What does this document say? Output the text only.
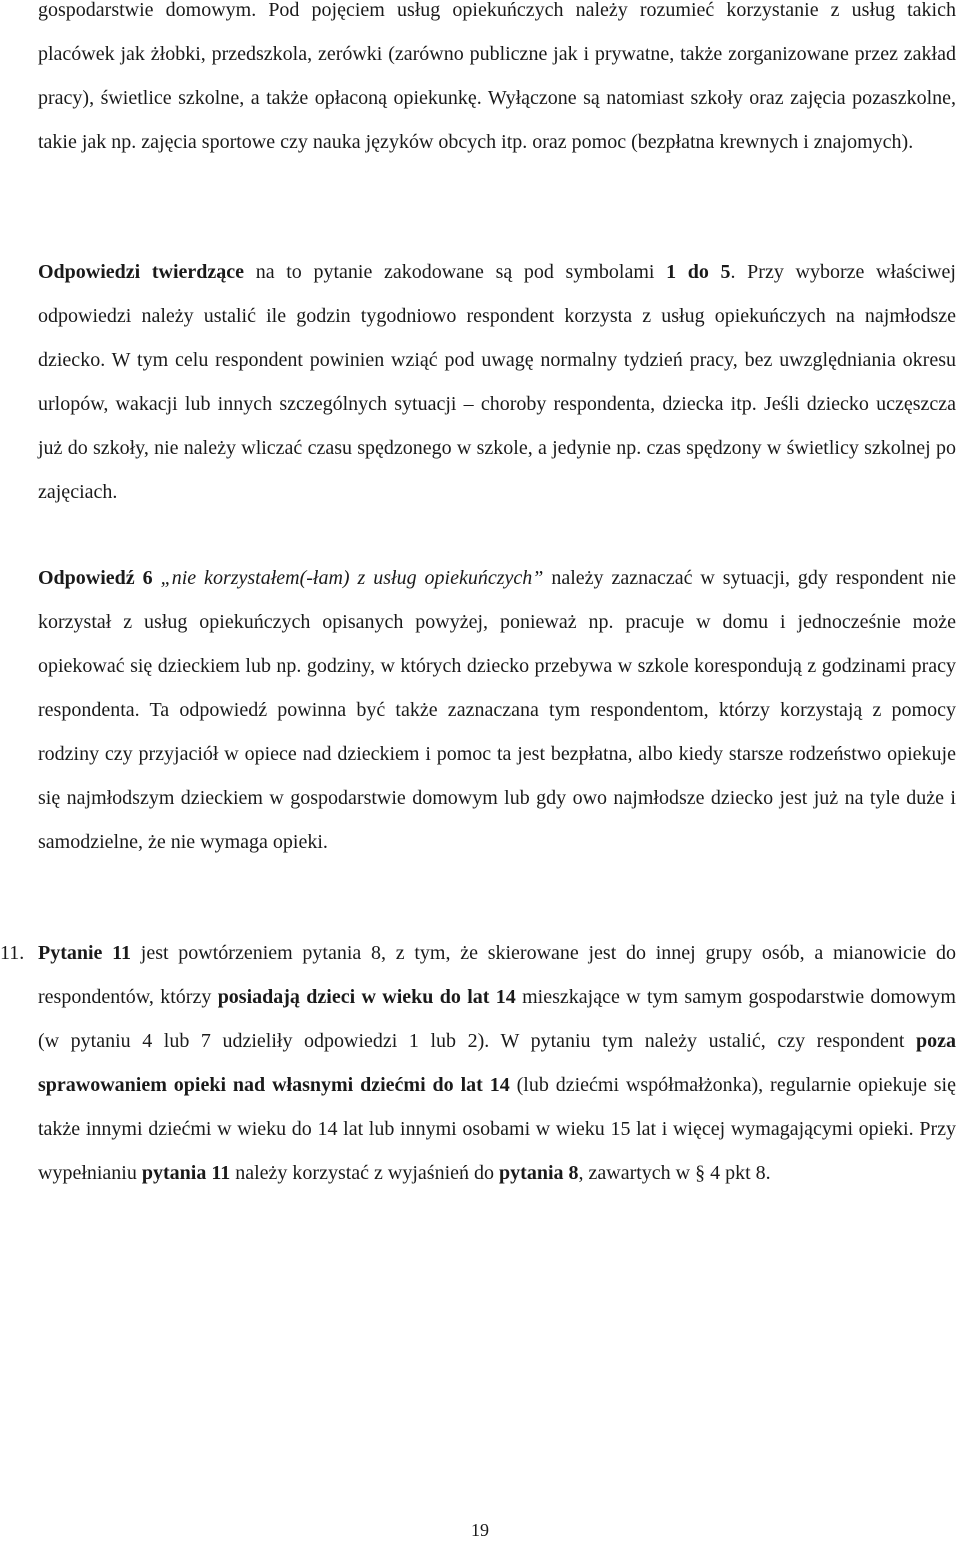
gospodarstwie domowym. Pod pojęciem usług opiekuńczych należy rozumieć korzystanie z usług takich placówek jak żłobki, przedszkola, zerówki (zarówno publiczne jak i prywatne, także zorganizowane przez zakład pracy), świetlice szkolne, a także opłaconą opiekunkę. Wyłączone są natomiast szkoły oraz zajęcia pozaszkolne, takie jak np. zajęcia sportowe czy nauka języków obcych itp. oraz pomoc (bezpłatna krewnych i znajomych).

Odpowiedzi twierdzące na to pytanie zakodowane są pod symbolami 1 do 5. Przy wyborze właściwej odpowiedzi należy ustalić ile godzin tygodniowo respondent korzysta z usług opiekuńczych na najmłodsze dziecko. W tym celu respondent powinien wziąć pod uwagę normalny tydzień pracy, bez uwzględniania okresu urlopów, wakacji lub innych szczególnych sytuacji – choroby respondenta, dziecka itp. Jeśli dziecko uczęszcza już do szkoły, nie należy wliczać czasu spędzonego w szkole, a jedynie np. czas spędzony w świetlicy szkolnej po zajęciach.

Odpowiedź 6 „nie korzystałem(-łam) z usług opiekuńczych” należy zaznaczać w sytuacji, gdy respondent nie korzystał z usług opiekuńczych opisanych powyżej, ponieważ np. pracuje w domu i jednocześnie może opiekować się dzieckiem lub np. godziny, w których dziecko przebywa w szkole korespondują z godzinami pracy respondenta. Ta odpowiedź powinna być także zaznaczana tym respondentom, którzy korzystają z pomocy rodziny czy przyjaciół w opiece nad dzieckiem i pomoc ta jest bezpłatna, albo kiedy starsze rodzeństwo opiekuje się najmłodszym dzieckiem w gospodarstwie domowym lub gdy owo najmłodsze dziecko jest już na tyle duże i samodzielne, że nie wymaga opieki.

11. Pytanie 11 jest powtórzeniem pytania 8, z tym, że skierowane jest do innej grupy osób, a mianowicie do respondentów, którzy posiadają dzieci w wieku do lat 14 mieszkające w tym samym gospodarstwie domowym (w pytaniu 4 lub 7 udzieliły odpowiedzi 1 lub 2). W pytaniu tym należy ustalić, czy respondent poza sprawowaniem opieki nad własnymi dziećmi do lat 14 (lub dziećmi współmałżonka), regularnie opiekuje się także innymi dziećmi w wieku do 14 lat lub innymi osobami w wieku 15 lat i więcej wymagającymi opieki. Przy wypełnianiu pytania 11 należy korzystać z wyjaśnień do pytania 8, zawartych w § 4 pkt 8.

19
